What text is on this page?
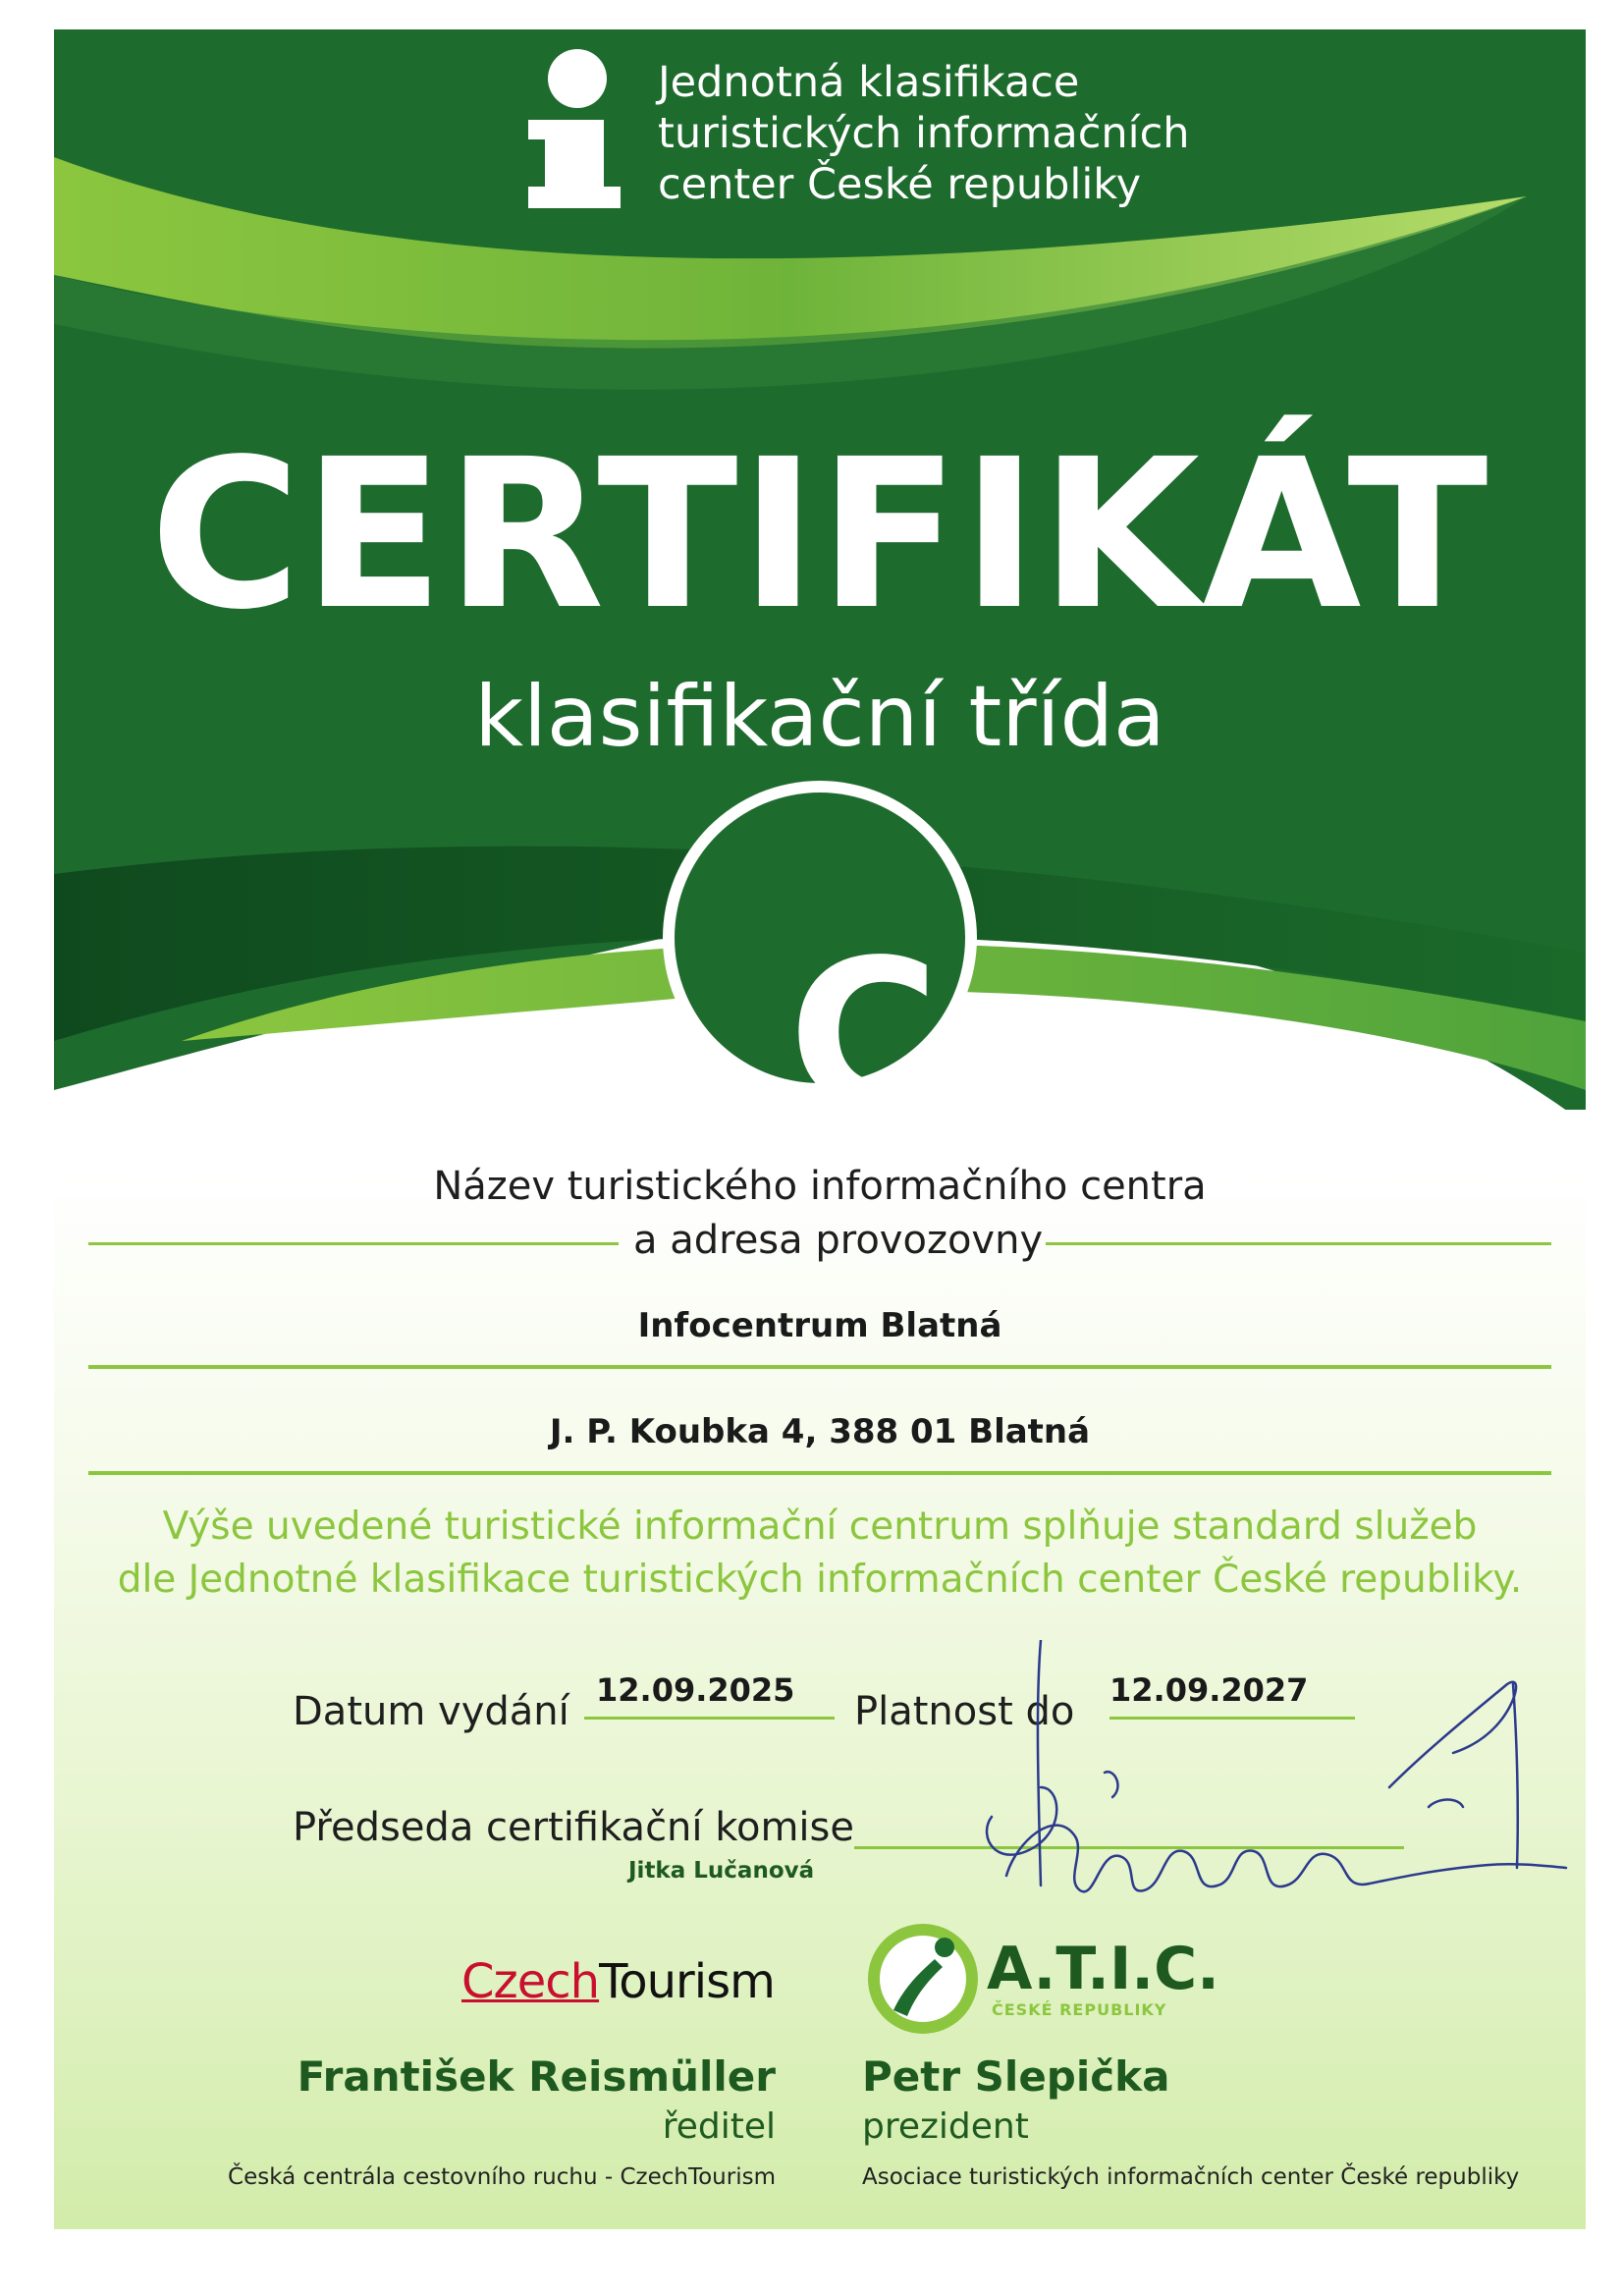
Jednotná klasifikace
turistických informačních
center České republiky
CERTIFIKÁT
klasifikační třída
C
Název turistického informačního centra
a adresa provozovny
Infocentrum Blatná
J. P. Koubka 4, 388 01 Blatná
Výše uvedené turistické informační centrum splňuje standard služeb
dle Jednotné klasifikace turistických informačních center České republiky.
Datum vydání 12.09.2025 Platnost do 12.09.2027
Předseda certifikační komise
Jitka Lučanová
CzechTourism	A.T.I.C.
ČESKÉ REPUBLIKY
František Reismüller
ředitel
Česká centrála cestovního ruchu - CzechTourism
Petr Slepička
prezident
Asociace turistických informačních center České republiky
